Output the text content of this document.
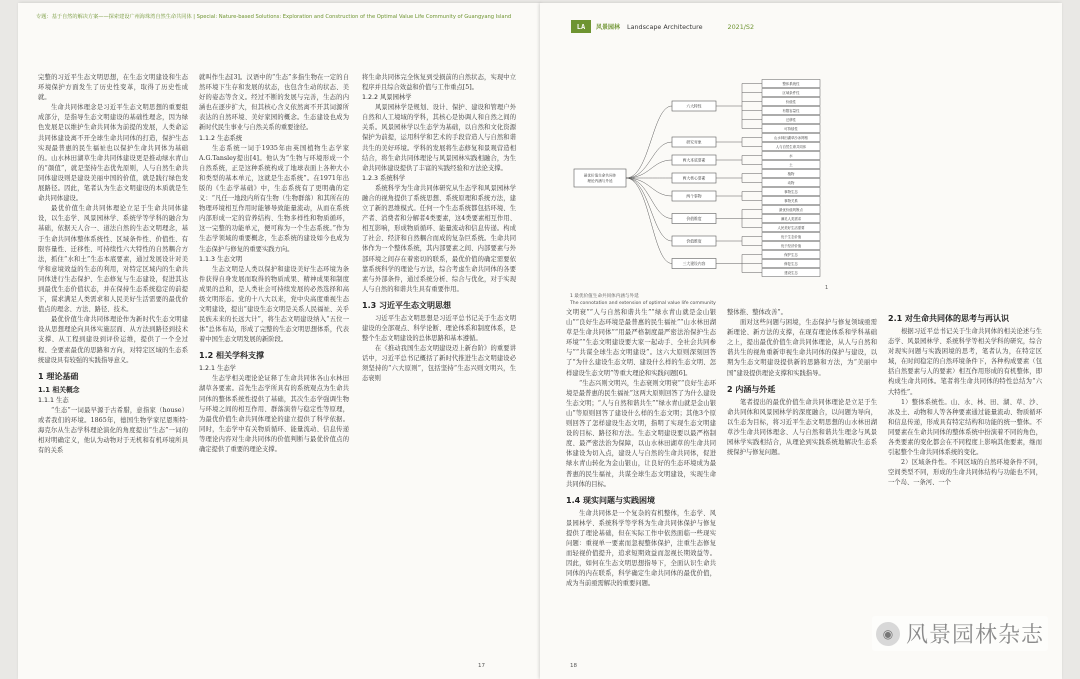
专题：基于自然的解决方案——探索建设广州海珠湾自然生命共同体 | Special: Nature-based Solutions: Exploration and Construction of the Optimal Value Life Community of Guangyang Island

完整的习近平生态文明思想，在生态文明建设和生态环境保护方面发生了历史性变革，取得了历史性成就。

生命共同体理念是习近平生态文明思想的重要组成部分，是指导生态文明建设的基础性理念，因为绿色发展是以维护生命共同体为前提的发展，人类命运共同体建设离不开全球生命共同体的打造，保护生态实现最普惠的民生福祉也以保护生命共同体为基础的。山水林田湖草生命共同体建设更是推动绿水青山的“颜值”，就是坚持生态优先原则，人与自然生命共同体建设则是建设美丽中国的价值，就是践行绿色发展路径。因此，笔者认为生态文明建设的本质就是生命共同体建设。

最优价值生命共同体理论立足于生命共同体建设，以生态学、风景园林学、系统学等学科的融合为基础，依据天人合一、道法自然的生态文明理念，基于生命共同体整体系统性、区域条件性、价值性、有限容量性、迁移性、可持续性六大特性的自然耦合方法，抓住“水和土”生态本底要素，通过发展设计对美学和意境效益的生态的利用，对特定区域内的生命共同体进行生态保护、生态修复与生态建设，促进其达到最优生态价值状态，并在保持生态系统稳定的前提下，谋求满足人类需求和人民美好生活需要的最优价值点的理念、方法、路径、技术。

最优价值生命共同体理论作为新时代生态文明建设从思想理论向具体实施层面、从方法到路径到技术支撑、从工程到建设到评价运维，提供了一个全过程、全要素最优的思路和方向，对特定区域的生态系统建设具有较强的实践指导意义。

1 理论基础
1.1 相关概念
1.1.1 生态

“生态”一词最早源于古希腊，意指家（house）或者我们的环境。1865年，德国生物学家尼恩斯特·海克尔从生态学科理论演化的角度提出“生态”一词的相对明确定义，他认为动物对于无机和有机环境所具有的关系

就叫作生态[3]。汉语中的“生态”多指生物在一定的自然环境下生存和发展的状态，也包含生动的状态、美好的姿态等含义。经过不断的发展与完善，生态的内涵也在逐步扩大，但其核心含义依然离不开其词源所表达的自然环境、美好家园的概念。生态建设也成为新时代民生事业与自然关系的重要途径。

1.1.2 生态系统

生态系统一词于1935年由英国植物生态学家A.G.Tansley提出[4]。他认为“生物与环境形成一个自然系统，正是这种系统构成了地球表面上各种大小和类型的基本单元，这就是生态系统”。在1971年出版的《生态学基础》中，生态系统有了更明确的定义：“凡任一地段内所有生物（生物群落）和其所在的物理环境相互作用时能够导致能量流动，从而在系统内部形成一定的营养结构、生物多样性和物质循环，这一完整的功能单元，便可称为一个生态系统。”作为生态学领域的重要概念，生态系统的建设如今也成为生态保护与修复的重要实践方向。

1.1.3 生态文明

生态文明是人类以保护和建设美好生态环境为条件获得自身发展而取得的物质成果、精神成果和制度成果的总和，是人类社会可持续发展的必然选择和高级文明形态。党的十八大以来，党中央高度重视生态文明建设，提出“建设生态文明是关系人民福祉、关乎民族未来的长远大计”，将生态文明建设纳入“五位一体”总体布局，形成了完整的生态文明思想体系，代表着中国生态文明发展的新阶段。

1.2 相关学科支撑
1.2.1 生态学

生态学相关理论论证释了生命共同体各山水林田湖草各要素。首先生态学所具有的系统观点为生命共同体的整体系统性提供了基础，其次生态学强调生物与环境之间的相互作用、群落演替与稳定性等原理，为最优价值生命共同体理论的建立提供了科学依据。同时，生态学中有关物质循环、能量流动、信息传递等理论内容对生命共同体的价值判断与最优价值点的确定提供了重要的理论支撑。

将生命共同体完全恢复到受损前的自然状态，实现中立程序并且综合效益和价值与工作重点[5]。

1.2.2 风景园林学

风景园林学是规划、设计、保护、建设和管理户外自然和人工境域的学科，其核心是协调人和自然之间的关系。风景园林学以生态学为基础，以自然和文化资源保护为前提，运用科学和艺术的手段营造人与自然和谐共生的美好环境。学科的发展将生态修复和景观营造相结合，将生命共同体理论与风景园林实践相融合，为生命共同体建设提供了丰富的实践经验和方法论支撑。

1.2.3 系统科学

系统科学为生命共同体研究从生态学和风景园林学融合的视角提供了系统思想、系统原理和系统方法，建立了新的思维模式。任何一个生态系统都包括环境、生产者、消费者和分解者4类要素，这4类要素相互作用、相互影响，形成物质循环、能量流动和信息传递。构成了社会、经济和自然耦合而成的复杂巨系统。生命共同体作为一个整体系统，其内部要素之间、内部要素与外部环境之间存在着密切的联系，最优价值的确定需要依靠系统科学的理论与方法，综合考虑生命共同体的各要素与外部条件，通过系统分析、综合与优化，对于实现人与自然的和谐共生具有重要作用。

1.3 习近平生态文明思想

习近平生态文明思想是习近平总书记关于生态文明建设的全部观点、科学论断、理论体系和制度体系，是整个生态文明建设的总体思路和基本遵循。

在《推动我国生态文明建设迈上新台阶》的重要讲话中，习近平总书记概括了新时代推进生态文明建设必须坚持的“六大原则”，包括坚持“生态兴则文明兴，生态衰则

17
LA 风景园林 Landscape Architecture	2021/S2
最优价值生命共同体
理论内涵与外延
六大特性
整体系统性
区域条件性
价值性
有限容量性
迁移性
可持续性
研究对象
山水林田湖草沙冰网格
人与自然生命共同体
两大本底要素
水
土
两大核心要素
植物
动物
两个事物
事物生态
事物关系
价值维度
最优价值判断点
满足人类需求
人民美好生活需要
价值维度
优于生态价值
优于经济价值
三大建设内容
保护生态
修复生态
建设生态
1
1 最优价值生命共同体内涵与外延
The connotation and extension of optimal value life community

文明衰”“人与自然和谐共生”“绿水青山就是金山银山”“良好生态环境是最普惠的民生福祉”“山水林田湖草是生命共同体”“用最严格制度最严密法治保护生态环境”“生态文明建设要大家一起动手、全社会共同参与”“共谋全球生态文明建设”。这六大原则深刻回答了“为什么建设生态文明、建设什么样的生态文明、怎样建设生态文明”等重大理论和实践问题[6]。

“生态兴则文明兴，生态衰则文明衰”“良好生态环境是最普惠的民生福祉”这两大原则回答了为什么建设生态文明；“人与自然和谐共生”“绿水青山就是金山银山”等原则回答了建设什么样的生态文明；其他3个原则回答了怎样建设生态文明，指明了实现生态文明建设的目标、路径和方法。生态文明建设要以最严格制度、最严密法治为保障，以山水林田湖草的生命共同体建设为切入点，建设人与自然的生命共同体，促进绿水青山转化为金山银山，让良好的生态环境成为最普惠的民生福祉，共谋全球生态文明建设，实现生命共同体的目标。

1.4 现实问题与实践困境

生命共同体是一个复杂的有机整体，生态学、风景园林学、系统科学等学科为生命共同体保护与修复提供了理论基础，但在实际工作中依然面临一些现实问题：重视单一要素而忽视整体保护，注重生态修复而轻视价值提升，追求短期效益而忽视长期效益等。因此，如何在生态文明思想指导下，全面认识生命共同体的内在联系，科学确定生命共同体的最优价值，成为当前亟需解决的重要问题。

整体推、整体改善”。

面对这些问题与困境，生态保护与修复领域亟需新理论、新方法的支撑，在现有理论体系和学科基础之上，提出最优价值生命共同体理论，从人与自然和谐共生的视角重新审视生命共同体的保护与建设，以期为生态文明建设提供新的思路和方法，为“美丽中国”建设提供理论支撑和实践指导。

2 内涵与外延

笔者提出的最优价值生命共同体理论是立足于生命共同体和风景园林学的深度融合，以问题为导向，以生态为目标，将习近平生态文明思想的山水林田湖草沙生命共同体理念、人与自然和谐共生理念与风景园林学实践相结合，从理论到实践系统地解决生态系统保护与修复问题。

2.1 对生命共同体的思考与再认识

根据习近平总书记关于生命共同体的相关论述与生态学、风景园林学、系统科学等相关学科的研究，综合对现实问题与实践困境的思考，笔者认为，在特定区域，在时间稳定的自然环境条件下，各种构成要素（包括自然要素与人的要素）相互作用形成的有机整体，即构成生命共同体。笔者将生命共同体的特性总结为“六大特性”。

1）整体系统性。山、水、林、田、湖、草、沙、冰及土、动物和人等各种要素通过能量流动、物质循环和信息传递，形成具有特定结构和功能的统一整体。不同要素在生命共同体的整体系统中扮演着不同的角色，各类要素的变化都会在不同程度上影响其他要素，继而引起整个生命共同体系统的变化。

2）区域条件性。不同区域的自然环境条件不同，空间类型不同，形成的生命共同体结构与功能也不同，一个岛、一条河、一个

18
◉ 风景园林杂志
